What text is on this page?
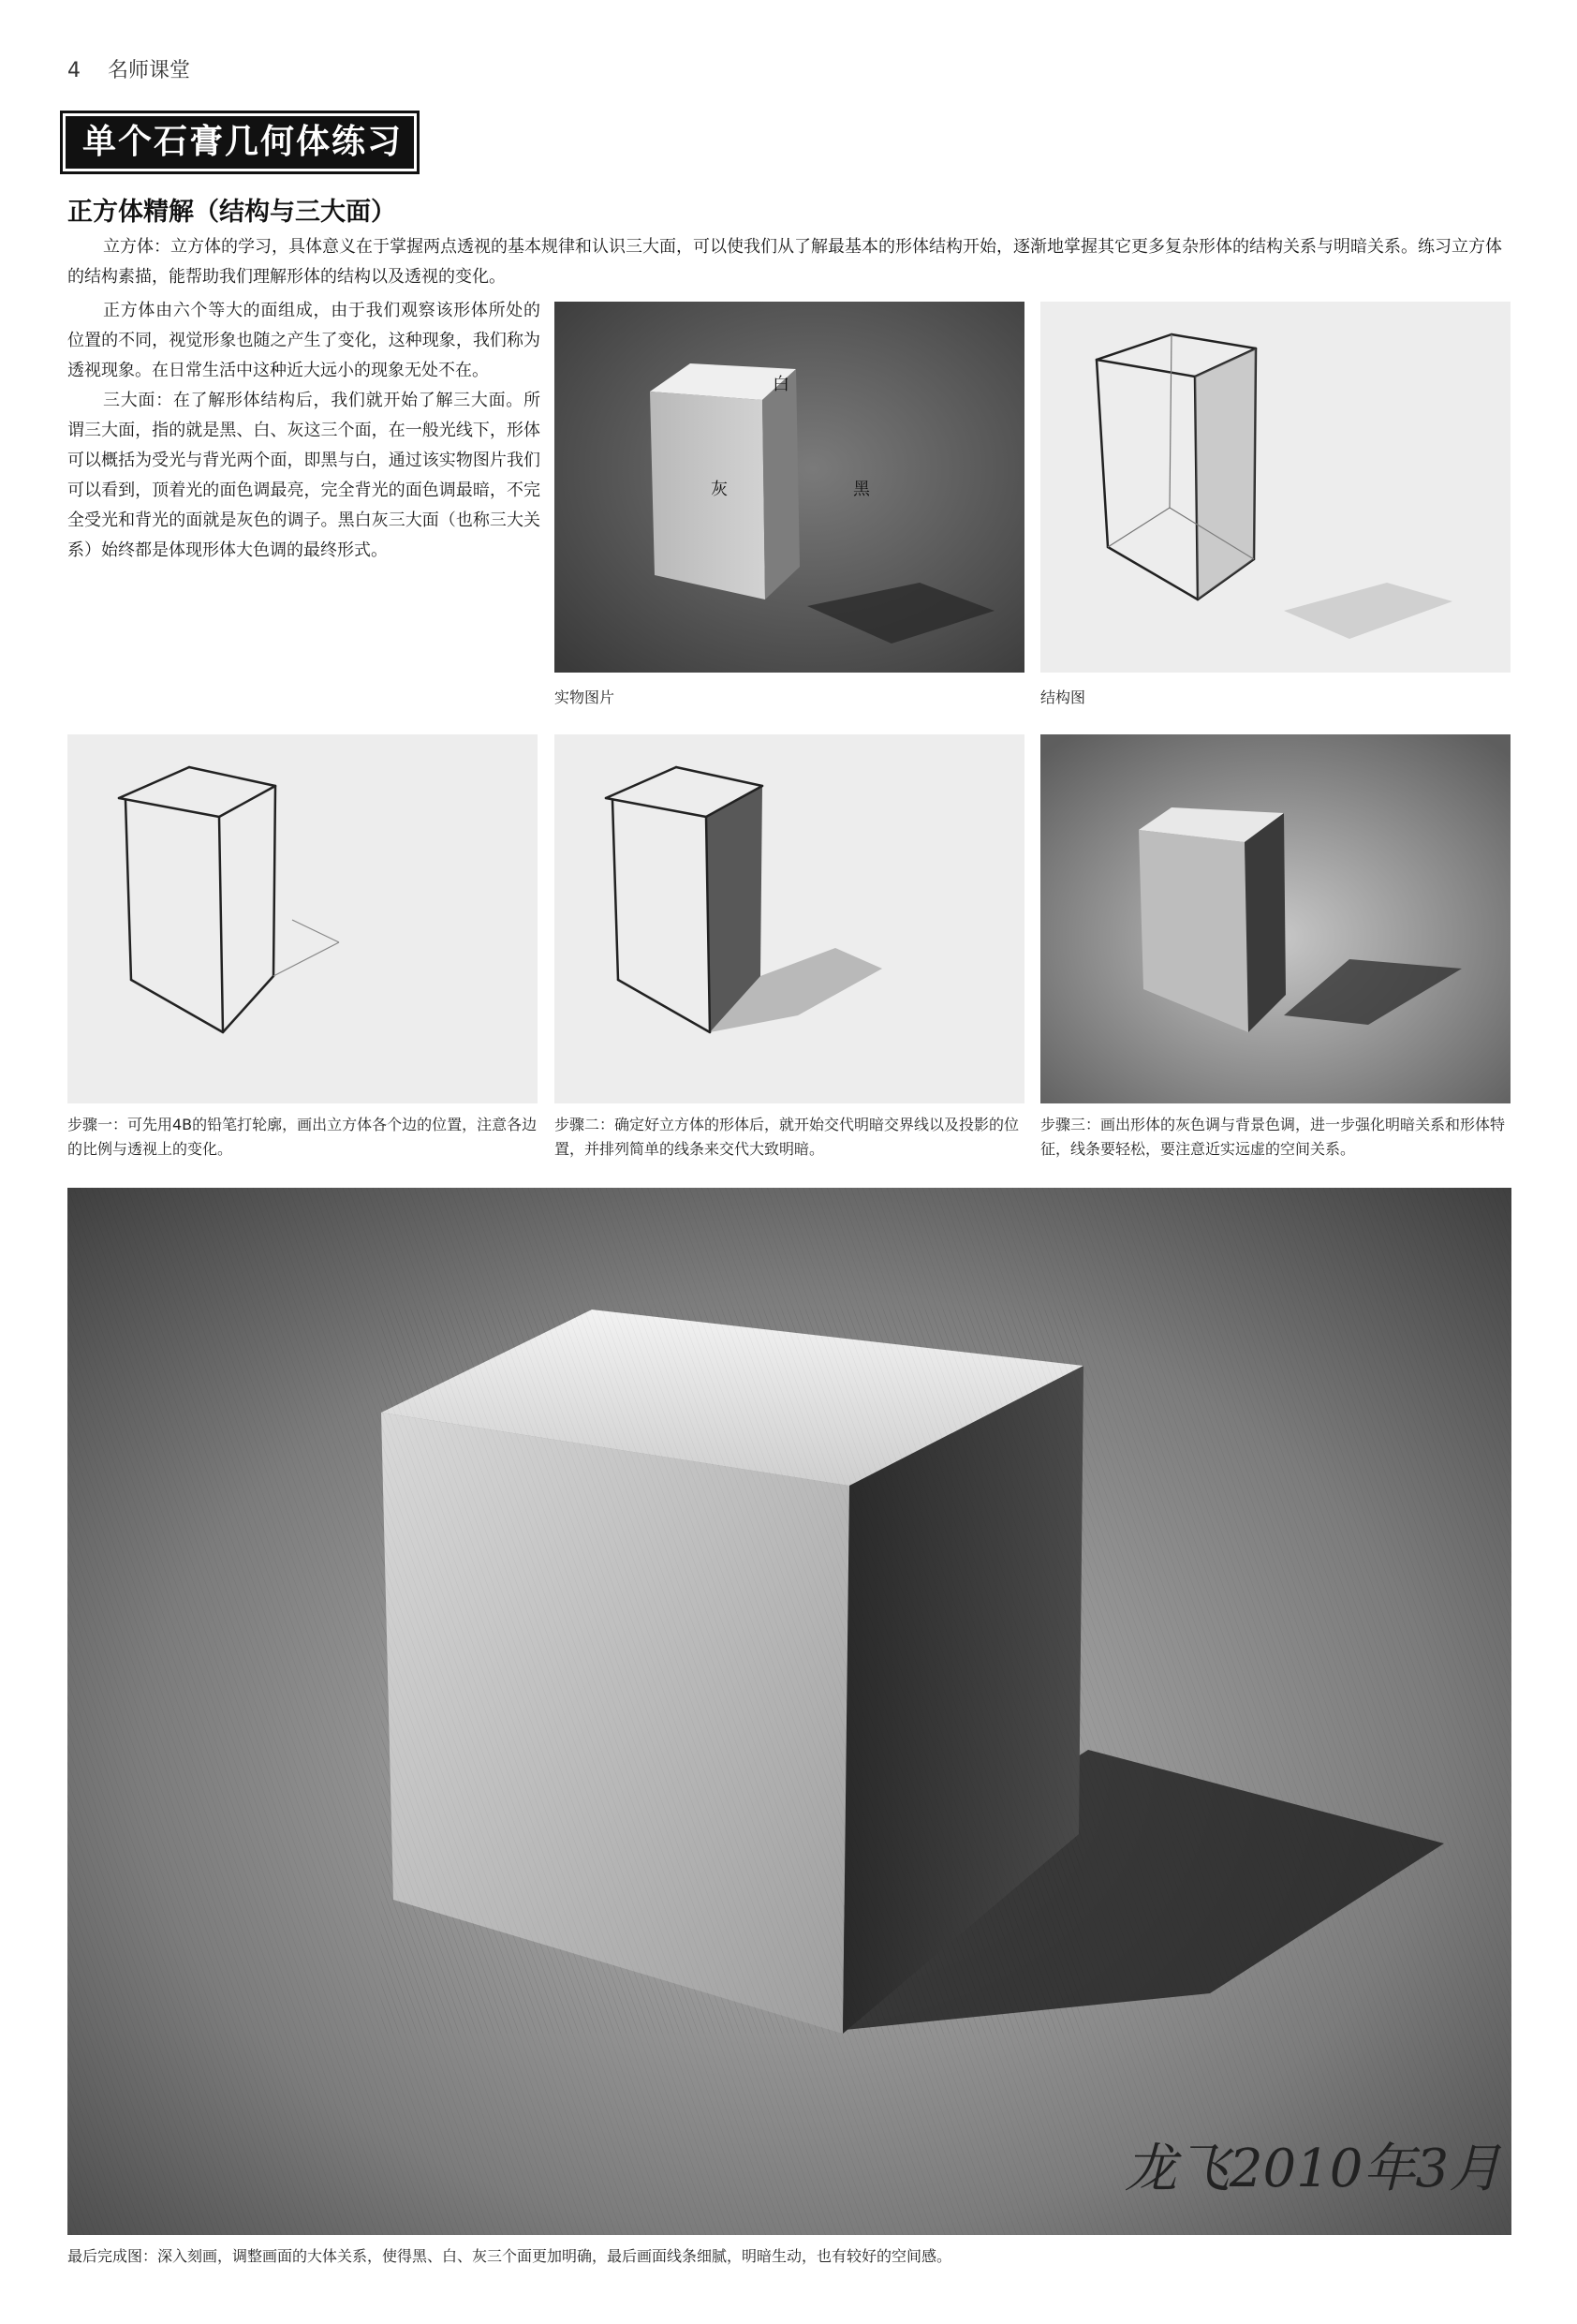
4 名师课堂
单个石膏几何体练习
正方体精解（结构与三大面）
立方体：立方体的学习，具体意义在于掌握两点透视的基本规律和认识三大面，可以使我们从了解最基本的形体结构开始，逐渐地掌握其它更多复杂形体的结构关系与明暗关系。练习立方体的结构素描，能帮助我们理解形体的结构以及透视的变化。

正方体由六个等大的面组成，由于我们观察该形体所处的位置的不同，视觉形象也随之产生了变化，这种现象，我们称为透视现象。在日常生活中这种近大远小的现象无处不在。

三大面：在了解形体结构后，我们就开始了解三大面。所谓三大面，指的就是黑、白、灰这三个面，在一般光线下，形体可以概括为受光与背光两个面，即黑与白，通过该实物图片我们可以看到，顶着光的面色调最亮，完全背光的面色调最暗，不完全受光和背光的面就是灰色的调子。黑白灰三大面（也称三大关系）始终都是体现形体大色调的最终形式。

白
灰	黑
实物图片	结构图
步骤一：可先用4B的铅笔打轮廓，画出立方体各个边的位置，注意各边的比例与透视上的变化。
步骤二：确定好立方体的形体后，就开始交代明暗交界线以及投影的位置，并排列简单的线条来交代大致明暗。
步骤三：画出形体的灰色调与背景色调，进一步强化明暗关系和形体特征，线条要轻松，要注意近实远虚的空间关系。
龙飞2010年3月
最后完成图：深入刻画，调整画面的大体关系，使得黑、白、灰三个面更加明确，最后画面线条细腻，明暗生动，也有较好的空间感。
